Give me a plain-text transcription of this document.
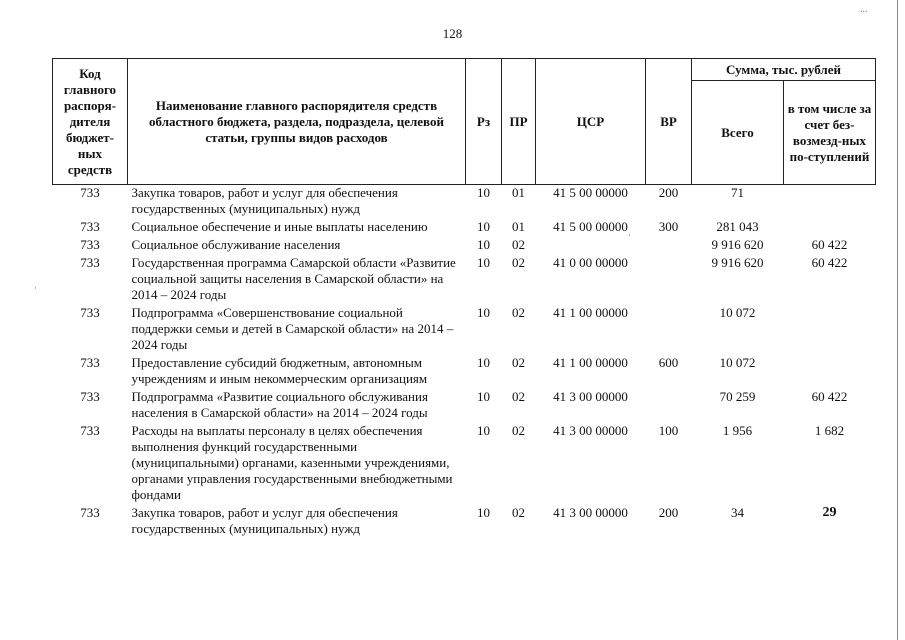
128
...
·
·
Код главного распоря-дителя бюджет-ных средств	Наименование главного распорядителя средств областного бюджета, раздела, подраздела, целевой статьи, группы видов расходов	Рз	ПР	ЦСР	ВР	Сумма, тыс. рублей	
						Всего	в том числе за счет без-возмезд-ных по-ступлений
733	Закупка товаров, работ и услуг для обеспечения государственных (муниципальных) нужд	10	01	41 5 00 00000	200	71	
733	Социальное обеспечение и иные выплаты населению	10	01	41 5 00 00000	300	281 043	
733	Социальное обслуживание населения	10	02			9 916 620	60 422
733	Государственная программа Самарской области «Развитие социальной защиты населения в Самарской области» на 2014 – 2024 годы	10	02	41 0 00 00000		9 916 620	60 422
733	Подпрограмма «Совершенствование социальной поддержки семьи и детей в Самарской области» на 2014 – 2024 годы	10	02	41 1 00 00000		10 072	
733	Предоставление субсидий бюджетным, автономным учреждениям и иным некоммерческим организациям	10	02	41 1 00 00000	600	10 072	
733	Подпрограмма «Развитие социального обслуживания населения в Самарской области» на 2014 – 2024 годы	10	02	41 3 00 00000		70 259	60 422
733	Расходы на выплаты персоналу в целях обеспечения выполнения функций государственными (муниципальными) органами, казенными учреждениями, органами управления государственными внебюджетными фондами	10	02	41 3 00 00000	100	1 956	1 682
733	Закупка товаров, работ и услуг для обеспечения государственных (муниципальных) нужд	10	02	41 3 00 00000	200	34	29
